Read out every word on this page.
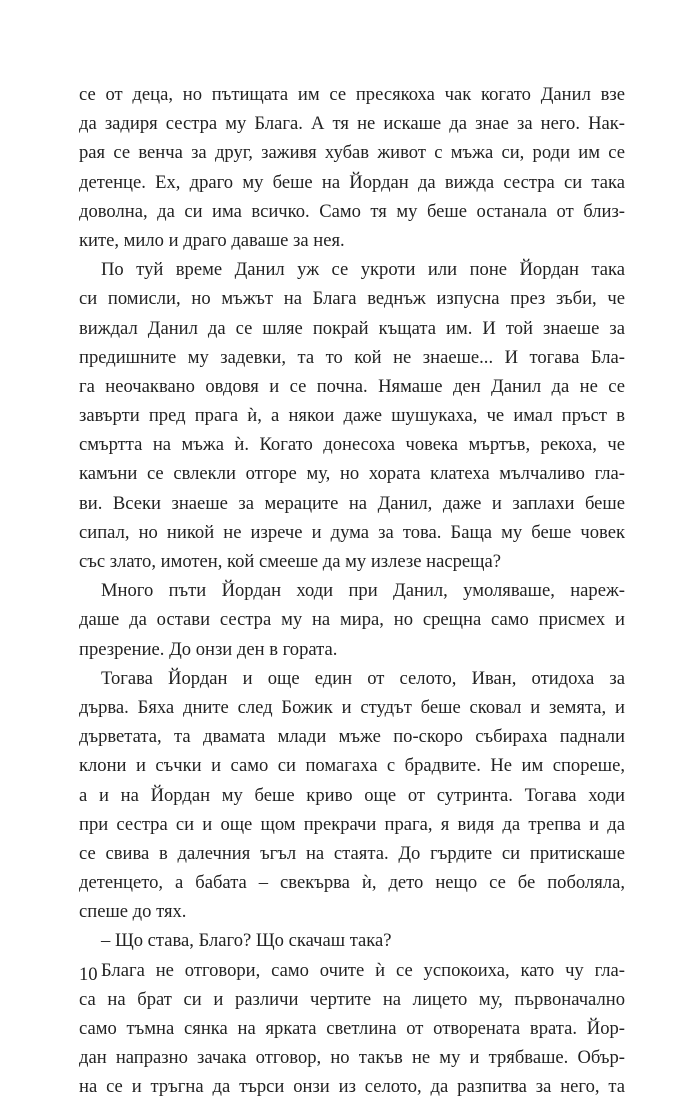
се от деца, но пътищата им се пресякоха чак когато Данил взе
да задиря сестра му Блага. А тя не искаше да знае за него. Нак-
рая се венча за друг, заживя хубав живот с мъжа си, роди им се
детенце. Ех, драго му беше на Йордан да вижда сестра си така
доволна, да си има всичко. Само тя му беше останала от близ-
ките, мило и драго даваше за нея.
По туй време Данил уж се укроти или поне Йордан така
си помисли, но мъжът на Блага веднъж изпусна през зъби, че
виждал Данил да се шляе покрай къщата им. И той знаеше за
предишните му задевки, та то кой не знаеше... И тогава Бла-
га неочаквано овдовя и се почна. Нямаше ден Данил да не се
завърти пред прага ѝ, а някои даже шушукаха, че имал пръст в
смъртта на мъжа ѝ. Когато донесоха човека мъртъв, рекоха, че
камъни се свлекли отгоре му, но хората клатеха мълчаливо гла-
ви. Всеки знаеше за мераците на Данил, даже и заплахи беше
сипал, но никой не изрече и дума за това. Бащa му беше човек
със злато, имотен, кой смееше да му излезе насреща?
Много пъти Йордан ходи при Данил, умоляваше, нареж-
даше да остави сестра му на мира, но срещна само присмех и
презрение. До онзи ден в гората.
Тогава Йордан и още един от селото, Иван, отидоха за
дърва. Бяха дните след Божик и студът беше сковал и земята, и
дърветата, та двамата млади мъже по-скоро събираха паднали
клони и съчки и само си помагаха с брадвите. Не им спореше,
а и на Йордан му беше криво още от сутринта. Тогава ходи
при сестра си и още щом прекрачи прага, я видя да трепва и да
се свива в далечния ъгъл на стаята. До гърдите си притискаше
детенцето, а бабата – свекърва ѝ, дето нещо се бе поболяла,
спеше до тях.
– Що става, Благо? Що скачаш така?
Блага не отговори, само очите ѝ се успокоиха, като чу гла-
са на брат си и различи чертите на лицето му, първоначално
само тъмна сянка на ярката светлина от отворената врата. Йор-
дан напразно зачака отговор, но такъв не му и трябваше. Обър-
на се и тръгна да търси онзи из селото, да разпитва за него, та
10
